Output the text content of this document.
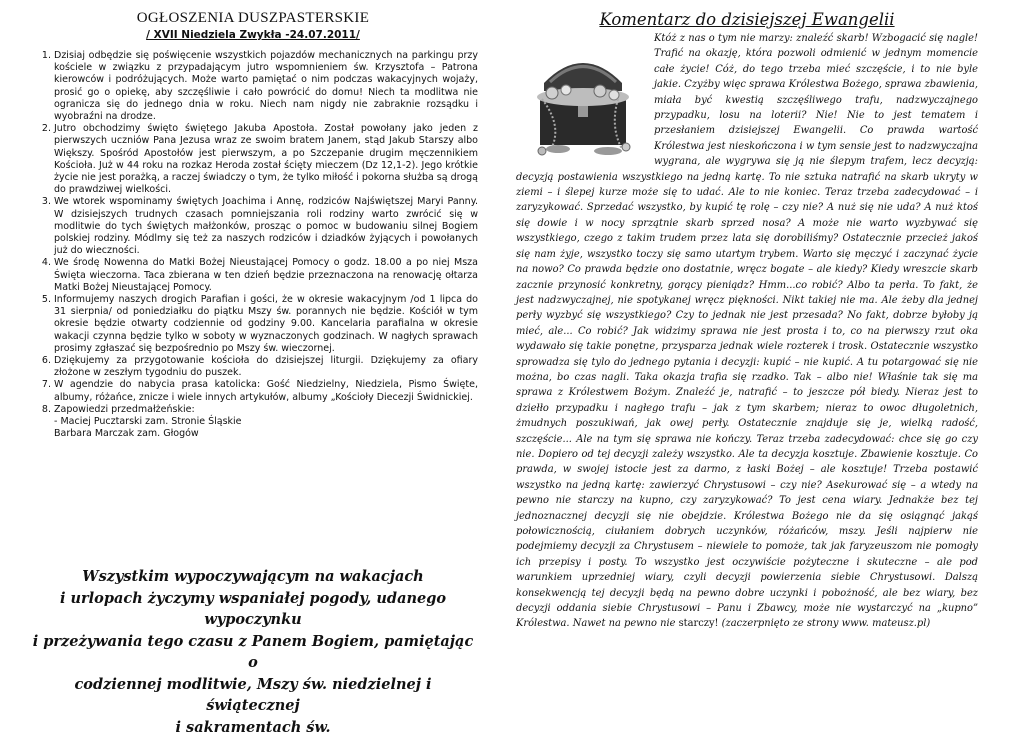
OGŁOSZENIA DUSZPASTERSKIE
/ XVII Niedziela Zwykła -24.07.2011/
1. Dzisiaj odbędzie się poświęcenie wszystkich pojazdów mechanicznych na parkingu przy kościele w związku z przypadającym jutro wspomnieniem św. Krzysztofa – Patrona kierowców i podróżujących. Może warto pamiętać o nim podczas wakacyjnych wojaży, prosić go o opiekę, aby szczęśliwie i cało powrócić do domu! Niech ta modlitwa nie ogranicza się do jednego dnia w roku. Niech nam nigdy nie zabraknie rozsądku i wyobraźni na drodze.
2. Jutro obchodzimy święto świętego Jakuba Apostoła. Został powołany jako jeden z pierwszych uczniów Pana Jezusa wraz ze swoim bratem Janem, stąd Jakub Starszy albo Większy. Spośród Apostołów jest pierwszym, a po Szczepanie drugim męczennikiem Kościoła. Już w 44 roku na rozkaz Heroda został ścięty mieczem (Dz 12,1-2). Jego krótkie życie nie jest porażką, a raczej świadczy o tym, że tylko miłość i pokorna służba są drogą do prawdziwej wielkości.
3. We wtorek wspominamy świętych Joachima i Annę, rodziców Najświętszej Maryi Panny. W dzisiejszych trudnych czasach pomniejszania roli rodziny warto zwrócić się w modlitwie do tych świętych małżonków, prosząc o pomoc w budowaniu silnej Bogiem polskiej rodziny. Módlmy się też za naszych rodziców i dziadków żyjących i powołanych już do wieczności.
4. We środę Nowenna do Matki Bożej Nieustającej Pomocy o godz. 18.00 a po niej Msza Święta wieczorna. Taca zbierana w ten dzień będzie przeznaczona na renowację ołtarza Matki Bożej Nieustającej Pomocy.
5. Informujemy naszych drogich Parafian i gości, że w okresie wakacyjnym /od 1 lipca do 31 sierpnia/ od poniedziałku do piątku Mszy św. porannych nie będzie. Kościół w tym okresie będzie otwarty codziennie od godziny 9.00. Kancelaria parafialna w okresie wakacji czynna będzie tylko w soboty w wyznaczonych godzinach. W nagłych sprawach prosimy zgłaszać się bezpośrednio po Mszy św. wieczornej.
6. Dziękujemy za przygotowanie kościoła do dzisiejszej liturgii. Dziękujemy za ofiary złożone w zeszłym tygodniu do puszek.
7. W agendzie do nabycia prasa katolicka: Gość Niedzielny, Niedziela, Pismo Święte, albumy, różańce, znicze i wiele innych artykułów, albumy „Kościoły Diecezji Świdnickiej.
8. Zapowiedzi przedmałżeńskie:
- Maciej Pucztarski zam. Stronie Śląskie
Barbara Marczak zam. Głogów
Wszystkim wypoczywającym na wakacjach
i urlopach życzymy wspaniałej pogody, udanego wypoczynku
i przeżywania tego czasu z Panem Bogiem, pamiętając o
codziennej modlitwie, Mszy św. niedzielnej i świątecznej
i sakramentach św.
Komentarz do dzisiejszej Ewangelii
Któż z nas o tym nie marzy: znaleźć skarb! Wzbogacić się nagle! Trafić na okazję, która pozwoli odmienić w jednym momencie całe życie! Cóż, do tego trzeba mieć szczęście, i to nie byle jakie. Czyżby więc sprawa Królestwa Bożego, sprawa zbawienia, miała być kwestią szczęśliwego trafu, nadzwyczajnego przypadku, losu na loterii? Nie! Nie to jest tematem i przesłaniem dzisiejszej Ewangelii. Co prawda wartość Królestwa jest nieskończona i w tym sensie jest to nadzwyczajna wygrana, ale wygrywa się ją nie ślepym trafem, lecz decyzją: decyzją postawienia wszystkiego na jedną kartę. To nie sztuka natrafić na skarb ukryty w ziemi – i ślepej kurze może się to udać. Ale to nie koniec. Teraz trzeba zadecydować – i zaryzykować. Sprzedać wszystko, by kupić tę rolę – czy nie? A nuż się nie uda? A nuż ktoś się dowie i w nocy sprzątnie skarb sprzed nosa? A może nie warto wyzbywać się wszystkiego, czego z takim trudem przez lata się dorobiliśmy? Ostatecznie przecież jakoś się nam żyje, wszystko toczy się samo utartym trybem. Warto się męczyć i zaczynać życie na nowo? Co prawda będzie ono dostatnie, wręcz bogate – ale kiedy? Kiedy wreszcie skarb zacznie przynosić konkretny, gorący pieniądz? Hmm...co robić? Albo ta perła. To fakt, że jest nadzwyczajnej, nie spotykanej wręcz piękności. Nikt takiej nie ma. Ale żeby dla jednej perły wyzbyć się wszystkiego? Czy to jednak nie jest przesada? No fakt, dobrze byłoby ją mieć, ale... Co robić? Jak widzimy sprawa nie jest prosta i to, co na pierwszy rzut oka wydawało się takie ponętne, przysparza jednak wiele rozterek i trosk. Ostatecznie wszystko sprowadza się tylo do jednego pytania i decyzji: kupić – nie kupić. A tu potargować się nie można, bo czas nagli. Taka okazja trafia się rzadko. Tak – albo nie! Właśnie tak się ma sprawa z Królestwem Bożym. Znaleźć je, natrafić – to jeszcze pół biedy. Nieraz jest to dziełło przypadku i nagłego trafu – jak z tym skarbem; nieraz to owoc długoletnich, żmudnych poszukiwań, jak owej perły. Ostatecznie znajduje się je, wielką radość, szczęście... Ale na tym się sprawa nie kończy. Teraz trzeba zadecydować: chce się go czy nie. Dopiero od tej decyzji zależy wszystko. Ale ta decyzja kosztuje. Zbawienie kosztuje. Co prawda, w swojej istocie jest za darmo, z łaski Bożej – ale kosztuje! Trzeba postawić wszystko na jedną kartę: zawierzyć Chrystusowi – czy nie? Asekurować się – a wtedy na pewno nie starczy na kupno, czy zaryzykować? To jest cena wiary. Jednakże bez tej jednoznacznej decyzji się nie obejdzie. Królestwa Bożego nie da się osiągnąć jakąś połowicznością, ciułaniem dobrych uczynków, różańców, mszy. Jeśli najpierw nie podejmiemy decyzji za Chrystusem – niewiele to pomoże, tak jak faryzeuszom nie pomogły ich przepisy i posty. To wszystko jest oczywiście pożyteczne i skuteczne – ale pod warunkiem uprzedniej wiary, czyli decyzji powierzenia siebie Chrystusowi. Dalszą konsekwencją tej decyzji będą na pewno dobre uczynki i pobożność, ale bez wiary, bez decyzji oddania siebie Chrystusowi – Panu i Zbawcy, może nie wystarczyć na „kupno” Królestwa. Nawet na pewno nie starczy! (zaczerpnięto ze strony www. mateusz.pl)
